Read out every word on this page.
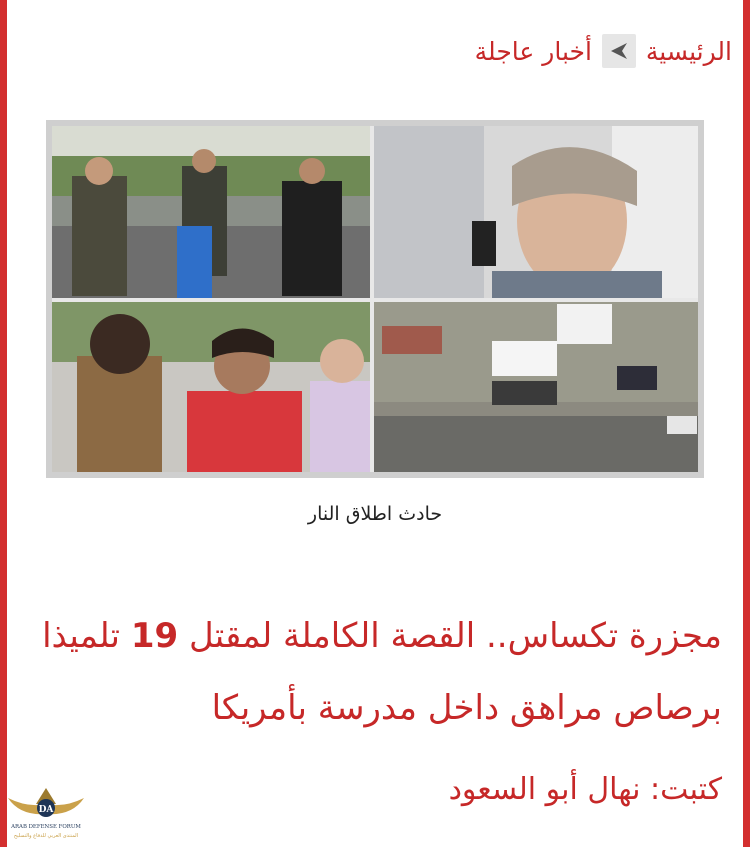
الرئيسية
أخبار عاجلة
حادث اطلاق النار
مجزرة تكساس.. القصة الكاملة لمقتل 19 تلميذا برصاص مراهق داخل مدرسة بأمريكا
كتبت: نهال أبو السعود
DA
ARAB DEFENSE FORUM
المنتدى العربي للدفاع والتسليح
